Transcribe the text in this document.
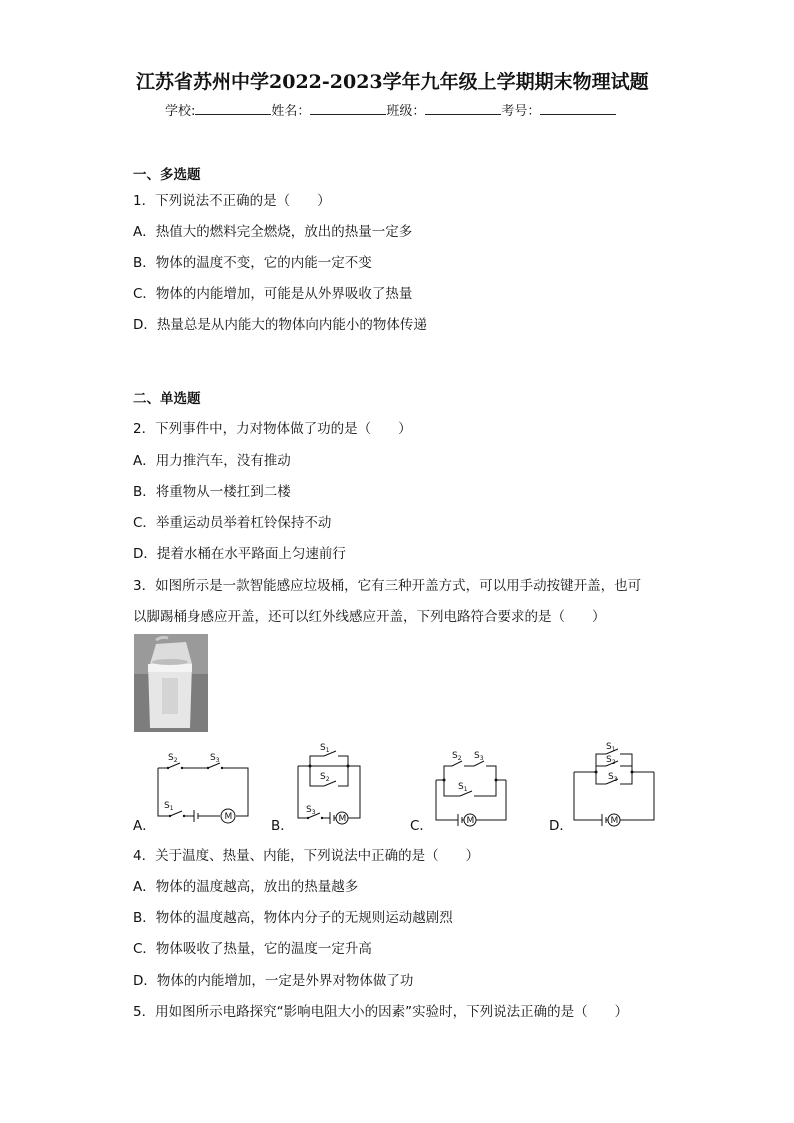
江苏省苏州中学2022-2023学年九年级上学期期末物理试题
学校:	姓名：	班级：	考号：
一、多选题
1．下列说法不正确的是（　　）
A．热值大的燃料完全燃烧，放出的热量一定多
B．物体的温度不变，它的内能一定不变
C．物体的内能增加，可能是从外界吸收了热量
D．热量总是从内能大的物体向内能小的物体传递
二、单选题
2．下列事件中，力对物体做了功的是（　　）
A．用力推汽车，没有推动
B．将重物从一楼扛到二楼
C．举重运动员举着杠铃保持不动
D．提着水桶在水平路面上匀速前行
3．如图所示是一款智能感应垃圾桶，它有三种开盖方式，可以用手动按键开盖，也可
以脚踢桶身感应开盖，还可以红外线感应开盖，下列电路符合要求的是（　　）
A．	B．	C．	D．
M
$S_2$	$S_3$
$S_1$
M
$S_1$
$S_2$
$S_3$
M
$S_2$ $S_3$
$S_1$
M
$S_1$
$S_2$
$S_3$
4．关于温度、热量、内能，下列说法中正确的是（　　）
A．物体的温度越高，放出的热量越多
B．物体的温度越高，物体内分子的无规则运动越剧烈
C．物体吸收了热量，它的温度一定升高
D．物体的内能增加，一定是外界对物体做了功
5．用如图所示电路探究“影响电阻大小的因素”实验时，下列说法正确的是（　　）
